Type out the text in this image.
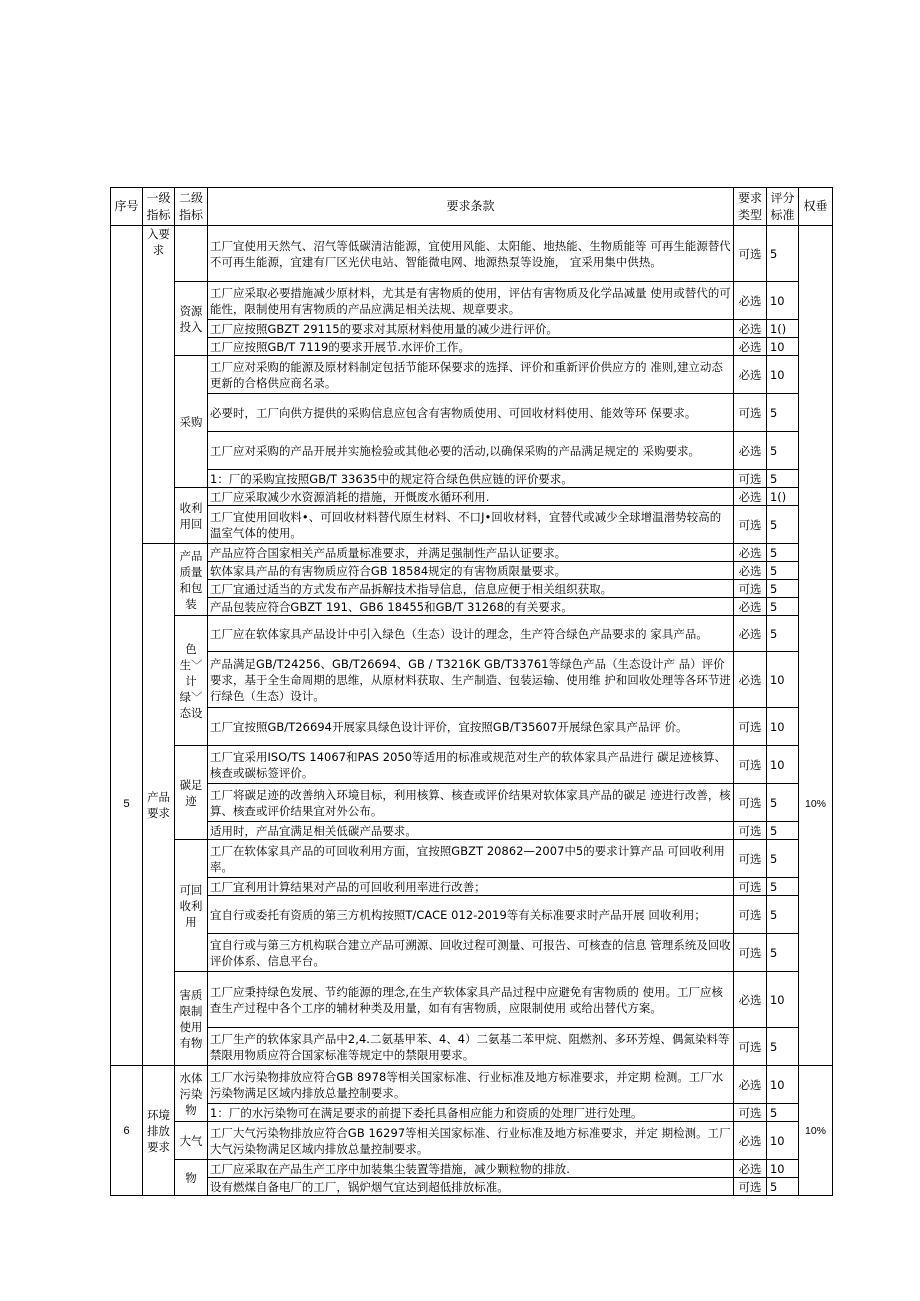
序号	一级指标	二级指标	要求条款	要求类型	评分标准	权垂
	入要求		工厂宜使用天然气、沼气等低碳清洁能源，宜使用风能、太阳能、地热能、生物质能等 可再生能源替代不可再生能源，宜建有厂区光伏电站、智能微电网、地源热泵等设施， 宜采用集中供热。	可选	5	
		资源投入	工厂应采取必要措施减少原材料，尤其是有害物质的使用，评估有害物质及化学品减量 使用或替代的可能性，限制使用有害物质的产品应满足相关法规、规章要求。	必选	10	
			工厂应按照GBZT 29115的要求对其原材料使用量的减少进行评价。	必选	1()	
			工厂应按照GB/T 7119的要求开展节.水评价工作。	必选	10	
		采购	工厂应对采购的能源及原材料制定包括节能环保要求的选择、评价和重新评价供应方的 准则,建立动态更新的合格供应商名录。	必选	10	
			必要时，工厂向供方提供的采购信息应包含有害物质使用、可回收材料使用、能效等环 保要求。	可选	5	
			工厂应对采购的产品开展并实施检验或其他必要的活动,以确保采购的产品满足规定的 采购要求。	必选	5	
			1：厂的采购宜按照GB/T 33635中的规定符合绿色供应链的评价要求。	可选	5	
		收利用回	工厂应采取减少水资源消耗的措施，开慨废水循环利用.	必选	1()	
			工厂宜使用回收料•、可回收材料替代原生材料、不口J•回收材料，宜替代或减少全球增温潜势较高的温室气体的使用。	可选	5	
5	产品要求	产品质量和包装	产品应符合国家相关产品质量标准要求，并满足强制性产品认证要求。	必选	5	10%
			软体家具产品的有害物质应符合GB 18584规定的有害物质限量要求。	必选	5	
			工厂宜通过适当的方式发布产品拆解技术指导信息，信息应便于相关组织获取。	可选	5	
			产品包装应符合GBZT 191、GB6 18455和GB/T 31268的有关要求。	必选	5	
		色生﹀计绿﹀态设	工厂应在软体家具产品设计中引入绿色（生态）设计的理念，生产符合绿色产品要求的 家具产品。	必选	5	
			产品满足GB/T24256、GB/T26694、GB / T3216K GB/T33761等绿色产品（生态设计产 品）评价要求，基于全生命周期的思维，从原材料获取、生产制造、包装运输、使用维 护和回收处理等各环节进行绿色（生态）设计。	必选	10	
			工厂宜按照GB/T26694开展家具绿色设计评价，宜按照GB/T35607开展绿色家具产品评 价。	可选	10	
		碳足迹	工厂宜采用ISO/TS 14067和PAS 2050等适用的标准或规范对生产的软体家具产品进行 碳足迹核算、核查或碳标签评价。	可选	10	
			工厂将碳足迹的改善纳入环境目标，利用核算、核查或评价结果对软体家具产品的碳足 迹进行改善，核算、核查或评价结果宜对外公布。	可选	5	
			适用时，产品宜满足相关低碳产品要求。	可选	5	
		可回收利用	工厂在软体家具产品的可回收利用方面，宜按照GBZT 20862—2007中5的要求计算产品 可回收利用率。	可选	5	
			工厂宜利用计算结果对产品的可回收利用率进行改善；	可选	5	
			宜自行或委托有资质的第三方机构按照T/CACE 012-2019等有关标准要求时产品开展 回收利用；	可选	5	
			宜自行或与第三方机构联合建立产品可溯源、回收过程可测量、可报告、可核查的信息 管理系统及回收评价体系、信息平台。	可选	5	
		害质限制使用有物	工厂应秉持绿色发展、节约能源的理念,在生产软体家具产品过程中应避免有害物质的 使用。工厂应核查生产过程中各个工序的辅材种类及用量，如有有害物质，应限制使用 或给出替代方案。	必选	10	
			工厂生产的软体家具产品中2,4.二氨基甲苯、4、4）二氨基二苯甲烷、阻燃剂、多环芳煌、偶氮染料等禁限用物质应符合国家标准等规定中的禁限用要求。	可选	5	
6	环境排放要求	水体污染物	工厂水污染物排放应符合GB 8978等相关国家标准、行业标准及地方标准要求，并定期 检测。工厂水污染物满足区域内排放总量控制要求。	必选	10	10%
			1：厂的水污染物可在满足要求的前提下委托具备相应能力和资质的处理厂进行处理。	可选	5	
		大气	工厂大气污染物排放应符合GB 16297等相关国家标准、行业标准及地方标准要求，并定 期检测。工厂大气污染物满足区域内排放总量控制要求。	必选	10	
		物	工厂应采取在产品生产工序中加装集尘装置等措施，减少颗粒物的排放.	必选	10	
			设有燃煤自备电厂的工厂，锅炉烟气宜达到超低排放标准。	可选	5	
